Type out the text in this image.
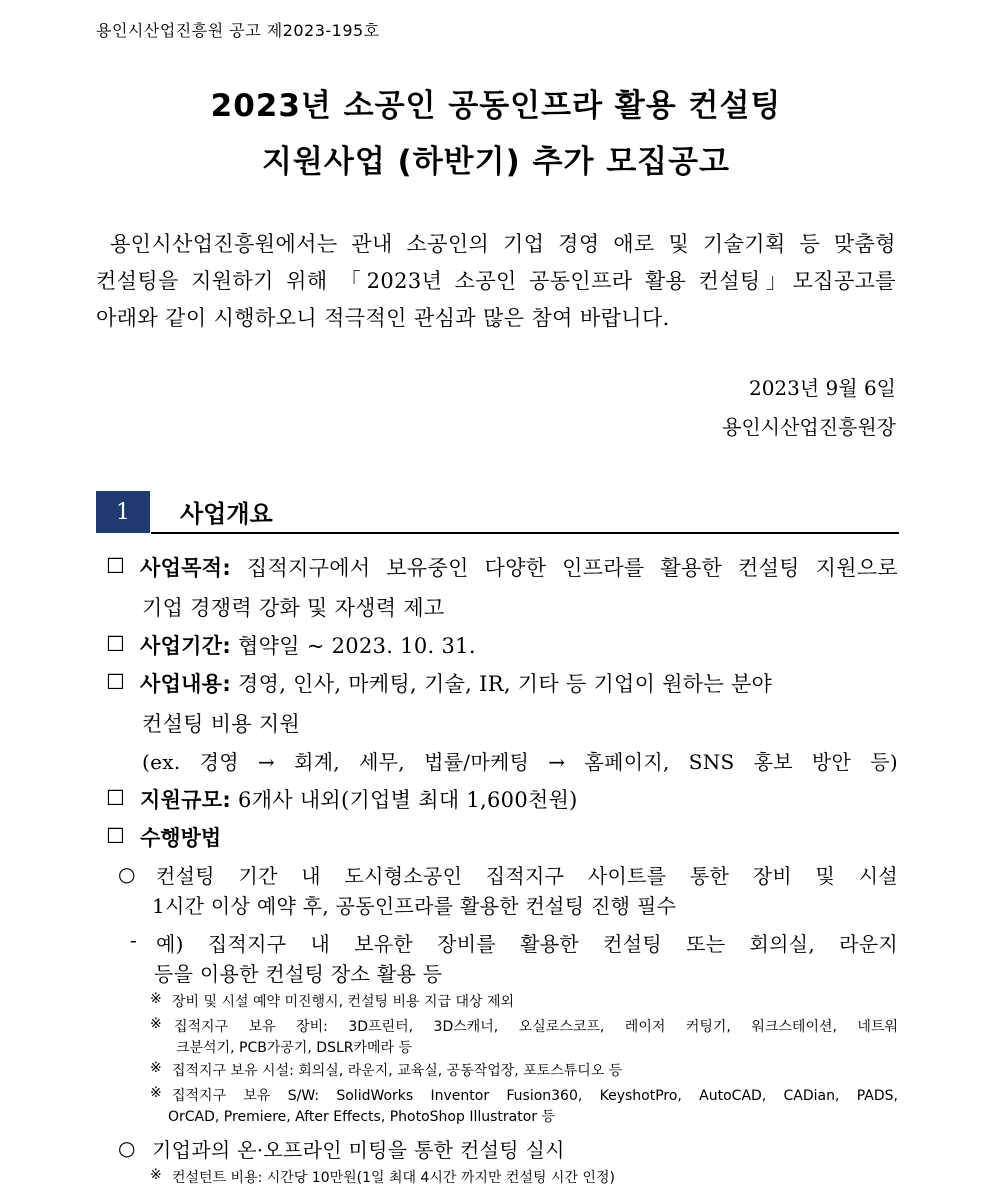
용인시산업진흥원 공고 제2023-195호
2023년 소공인 공동인프라 활용 컨설팅
지원사업 (하반기) 추가 모집공고
용인시산업진흥원에서는 관내 소공인의 기업 경영 애로 및 기술기획 등 맞춤형
컨설팅을 지원하기 위해 「2023년 소공인 공동인프라 활용 컨설팅」모집공고를
아래와 같이 시행하오니 적극적인 관심과 많은 참여 바랍니다.
2023년 9월 6일
용인시산업진흥원장
1	사업개요
☐ 사업목적: 집적지구에서 보유중인 다양한 인프라를 활용한 컨설팅 지원으로
기업 경쟁력 강화 및 자생력 제고
☐ 사업기간: 협약일 ~ 2023. 10. 31.
☐ 사업내용: 경영, 인사, 마케팅, 기술, IR, 기타 등 기업이 원하는 분야
컨설팅 비용 지원
(ex. 경영 → 회계, 세무, 법률/마케팅 → 홈페이지, SNS 홍보 방안 등)
☐ 지원규모: 6개사 내외(기업별 최대 1,600천원)
☐ 수행방법
○ 컨설팅 기간 내 도시형소공인 집적지구 사이트를 통한 장비 및 시설
1시간 이상 예약 후, 공동인프라를 활용한 컨설팅 진행 필수
- 예) 집적지구 내 보유한 장비를 활용한 컨설팅 또는 회의실, 라운지
등을 이용한 컨설팅 장소 활용 등
※ 장비 및 시설 예약 미진행시, 컨설팅 비용 지급 대상 제외
※ 집적지구 보유 장비: 3D프린터, 3D스캐너, 오실로스코프, 레이저 커팅기, 워크스테이션, 네트워
크분석기, PCB가공기, DSLR카메라 등
※ 집적지구 보유 시설: 회의실, 라운지, 교육실, 공동작업장, 포토스튜디오 등
※ 집적지구 보유 S/W: SolidWorks Inventor Fusion360, KeyshotPro, AutoCAD, CADian, PADS,
OrCAD, Premiere, After Effects, PhotoShop Illustrator 등
○ 기업과의 온·오프라인 미팅을 통한 컨설팅 실시
※ 컨설턴트 비용: 시간당 10만원(1일 최대 4시간 까지만 컨설팅 시간 인정)
